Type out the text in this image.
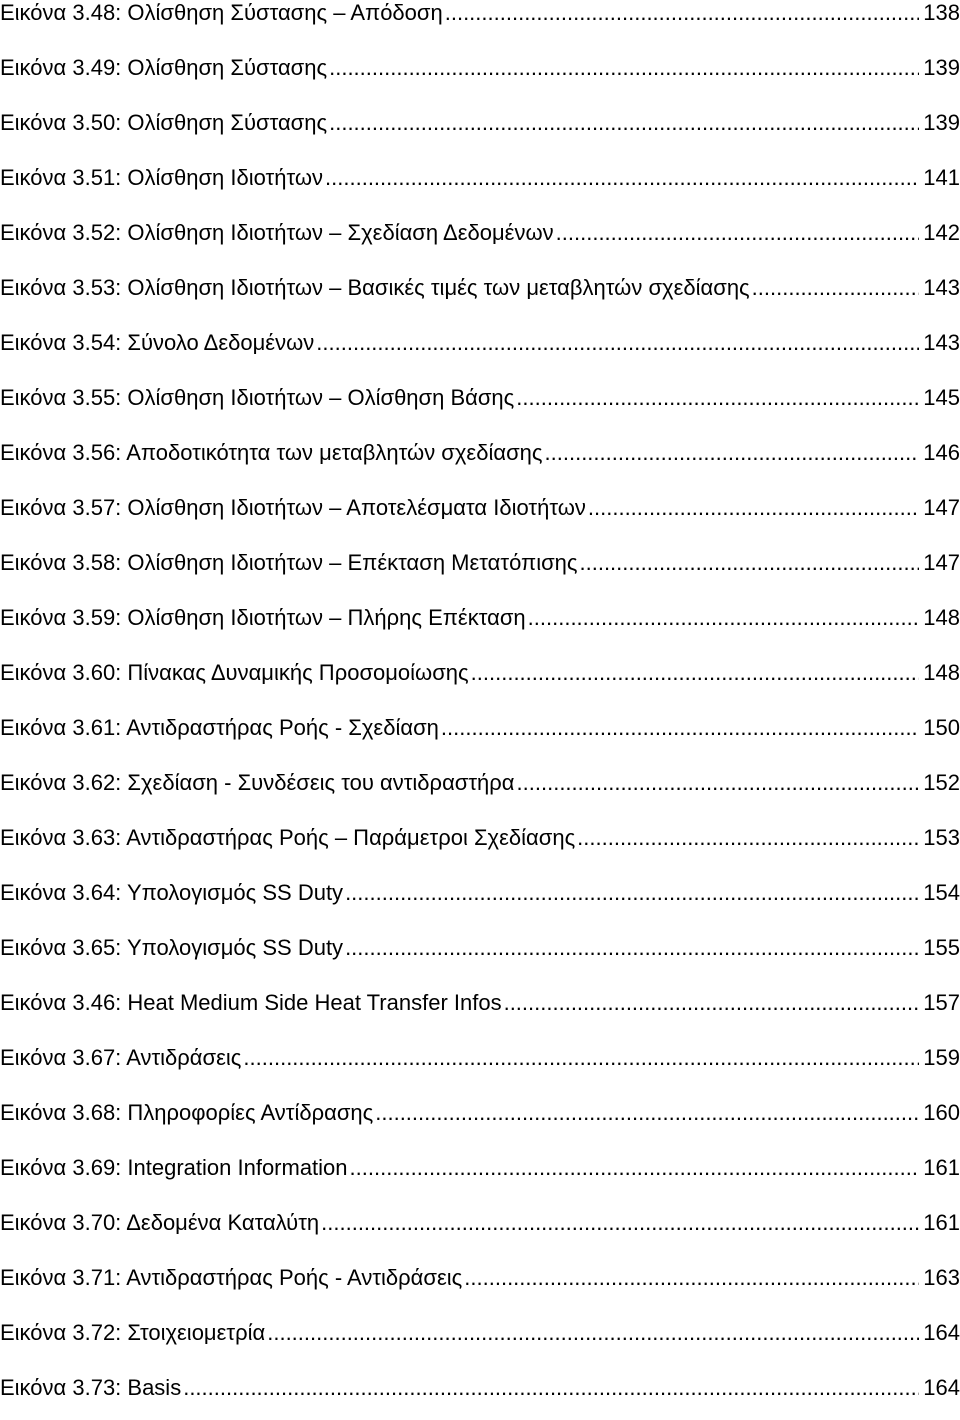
Εικόνα 3.48: Ολίσθηση Σύστασης – Απόδοση .....	138
Εικόνα 3.49: Ολίσθηση Σύστασης .....	139
Εικόνα 3.50: Ολίσθηση Σύστασης .....	139
Εικόνα 3.51: Ολίσθηση Ιδιοτήτων .....	141
Εικόνα 3.52: Ολίσθηση Ιδιοτήτων – Σχεδίαση Δεδομένων .....	142
Εικόνα 3.53: Ολίσθηση Ιδιοτήτων – Βασικές τιμές των μεταβλητών σχεδίασης .....	143
Εικόνα 3.54: Σύνολο Δεδομένων .....	143
Εικόνα 3.55: Ολίσθηση Ιδιοτήτων – Ολίσθηση Βάσης .....	145
Εικόνα 3.56: Αποδοτικότητα των μεταβλητών σχεδίασης .....	146
Εικόνα 3.57: Ολίσθηση Ιδιοτήτων – Αποτελέσματα Ιδιοτήτων .....	147
Εικόνα 3.58: Ολίσθηση Ιδιοτήτων – Επέκταση Μετατόπισης .....	147
Εικόνα 3.59: Ολίσθηση Ιδιοτήτων – Πλήρης Επέκταση .....	148
Εικόνα 3.60: Πίνακας Δυναμικής Προσομοίωσης .....	148
Εικόνα 3.61: Αντιδραστήρας Ροής - Σχεδίαση .....	150
Εικόνα 3.62: Σχεδίαση - Συνδέσεις του αντιδραστήρα .....	152
Εικόνα 3.63: Αντιδραστήρας Ροής – Παράμετροι Σχεδίασης .....	153
Εικόνα 3.64: Υπολογισμός SS Duty .....	154
Εικόνα 3.65: Υπολογισμός SS Duty .....	155
Εικόνα 3.46: Heat Medium Side Heat Transfer Infos .....	157
Εικόνα 3.67: Αντιδράσεις .....	159
Εικόνα 3.68: Πληροφορίες Αντίδρασης .....	160
Εικόνα 3.69: Integration Information .....	161
Εικόνα 3.70: Δεδομένα Καταλύτη .....	161
Εικόνα 3.71: Αντιδραστήρας Ροής - Αντιδράσεις .....	163
Εικόνα 3.72: Στοιχειομετρία .....	164
Εικόνα 3.73: Basis .....	164
